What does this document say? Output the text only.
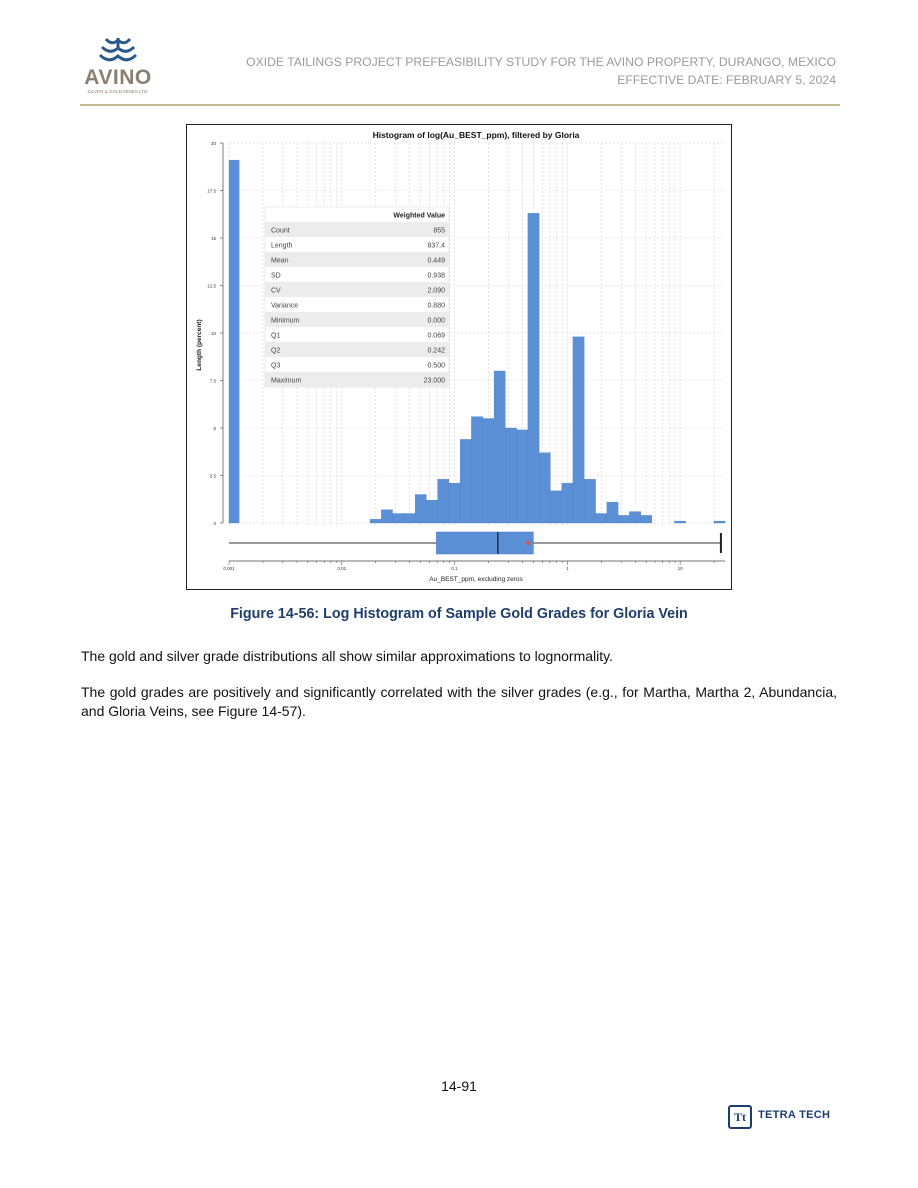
AVINO
SILVER & GOLD MINES LTD.
OXIDE TAILINGS PROJECT PREFEASIBILITY STUDY FOR THE AVINO PROPERTY, DURANGO, MEXICO
EFFECTIVE DATE: FEBRUARY 5, 2024
Histogram of log(Au_BEST_ppm), filtered by Gloria
Au_BEST_ppm, excluding zeros
Length (percent)
0
2.5
5
7.5
10
12.5
15
17.5
20
0.001	0.01	0.1	1	10
Weighted Value
Count	855
Length	837.4
Mean	0.449
SD	0.938
CV	2.090
Variance	0.880
Minimum	0.000
Q1	0.069
Q2	0.242
Q3	0.500
Maximum	23.000
Figure 14-56: Log Histogram of Sample Gold Grades for Gloria Vein
The gold and silver grade distributions all show similar approximations to lognormality.
The gold grades are positively and significantly correlated with the silver grades (e.g., for Martha, Martha 2, Abundancia, and Gloria Veins, see Figure 14-57).
14-91
Tt	TETRA TECH
